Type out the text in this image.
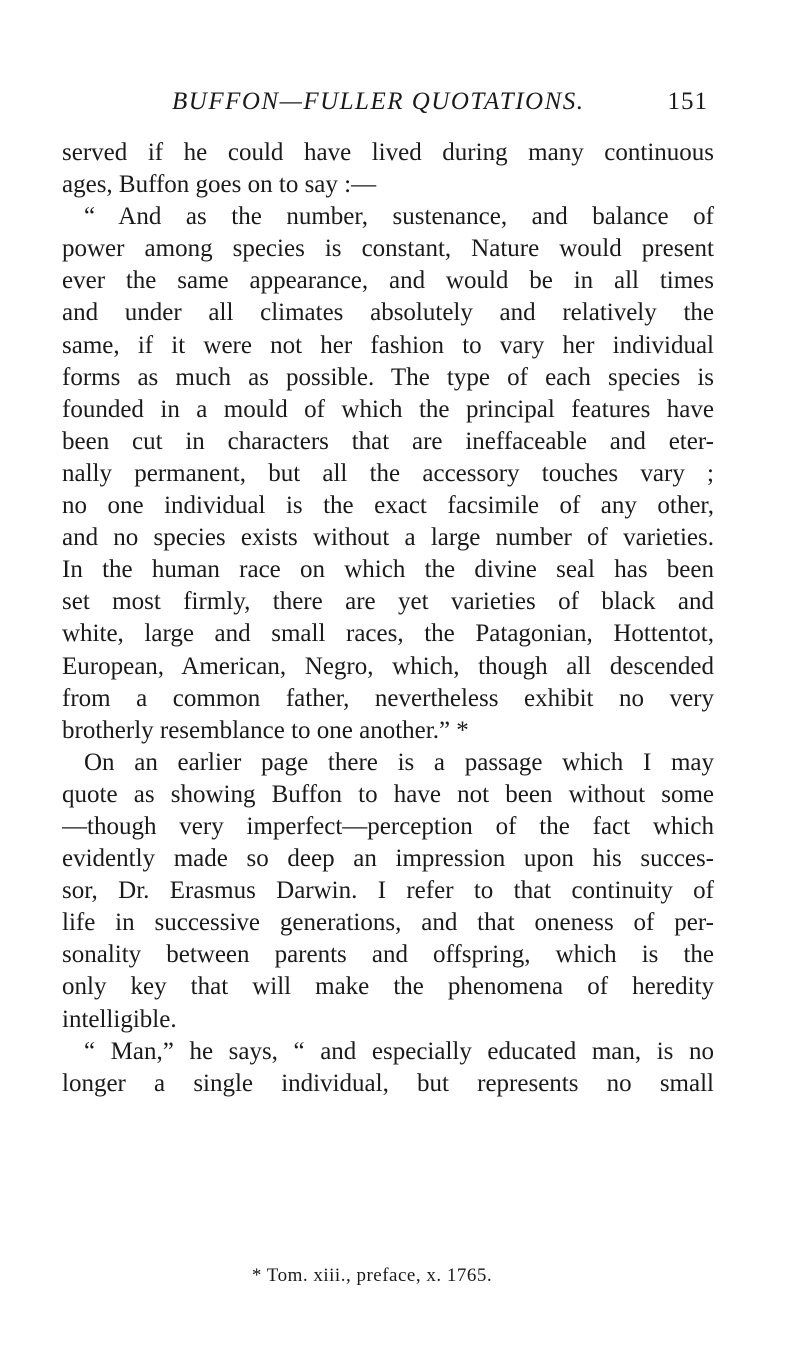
BUFFON—FULLER QUOTATIONS.	151
served if he could have lived during many continuous
ages, Buffon goes on to say :—
“ And as the number, sustenance, and balance of
power among species is constant, Nature would present
ever the same appearance, and would be in all times
and under all climates absolutely and relatively the
same, if it were not her fashion to vary her individual
forms as much as possible. The type of each species is
founded in a mould of which the principal features have
been cut in characters that are ineffaceable and eter-
nally permanent, but all the accessory touches vary ;
no one individual is the exact facsimile of any other,
and no species exists without a large number of varieties.
In the human race on which the divine seal has been
set most firmly, there are yet varieties of black and
white, large and small races, the Patagonian, Hottentot,
European, American, Negro, which, though all descended
from a common father, nevertheless exhibit no very
brotherly resemblance to one another.” *
On an earlier page there is a passage which I may
quote as showing Buffon to have not been without some
—though very imperfect—perception of the fact which
evidently made so deep an impression upon his succes-
sor, Dr. Erasmus Darwin. I refer to that continuity of
life in successive generations, and that oneness of per-
sonality between parents and offspring, which is the
only key that will make the phenomena of heredity
intelligible.
“ Man,” he says, “ and especially educated man, is no
longer a single individual, but represents no small
* Tom. xiii., preface, x. 1765.
